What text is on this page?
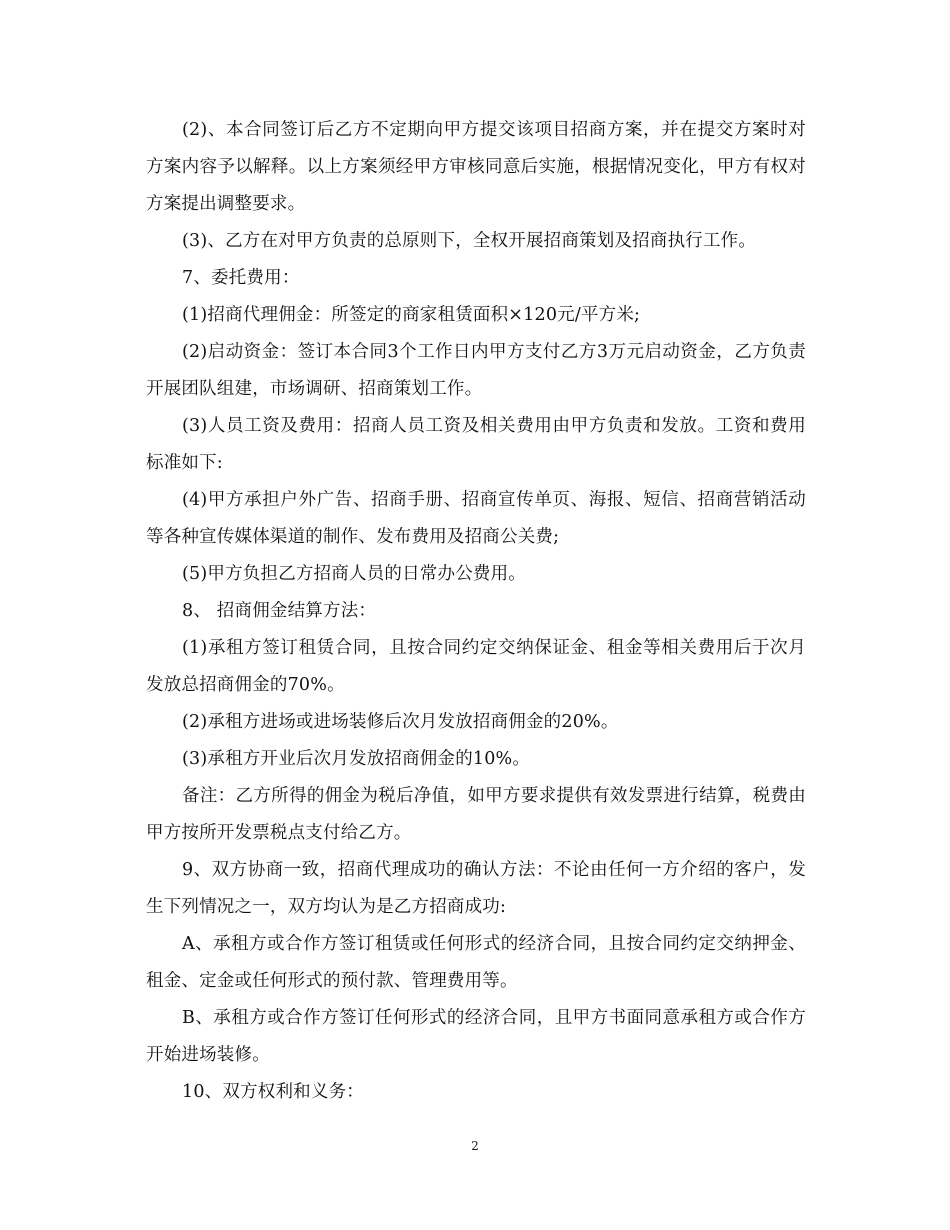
(2)、本合同签订后乙方不定期向甲方提交该项目招商方案，并在提交方案时对方案内容予以解释。以上方案须经甲方审核同意后实施，根据情况变化，甲方有权对方案提出调整要求。

(3)、乙方在对甲方负责的总原则下，全权开展招商策划及招商执行工作。

7、委托费用：

(1)招商代理佣金：所签定的商家租赁面积×120元/平方米;

(2)启动资金：签订本合同3个工作日内甲方支付乙方3万元启动资金，乙方负责开展团队组建，市场调研、招商策划工作。

(3)人员工资及费用：招商人员工资及相关费用由甲方负责和发放。工资和费用标准如下:

(4)甲方承担户外广告、招商手册、招商宣传单页、海报、短信、招商营销活动等各种宣传媒体渠道的制作、发布费用及招商公关费;

(5)甲方负担乙方招商人员的日常办公费用。

8、 招商佣金结算方法：

(1)承租方签订租赁合同，且按合同约定交纳保证金、租金等相关费用后于次月发放总招商佣金的70%。

(2)承租方进场或进场装修后次月发放招商佣金的20%。

(3)承租方开业后次月发放招商佣金的10%。

备注：乙方所得的佣金为税后净值，如甲方要求提供有效发票进行结算，税费由甲方按所开发票税点支付给乙方。

9、双方协商一致，招商代理成功的确认方法：不论由任何一方介绍的客户，发生下列情况之一，双方均认为是乙方招商成功:

A、承租方或合作方签订租赁或任何形式的经济合同，且按合同约定交纳押金、租金、定金或任何形式的预付款、管理费用等。

B、承租方或合作方签订任何形式的经济合同，且甲方书面同意承租方或合作方开始进场装修。

10、双方权利和义务：

2
